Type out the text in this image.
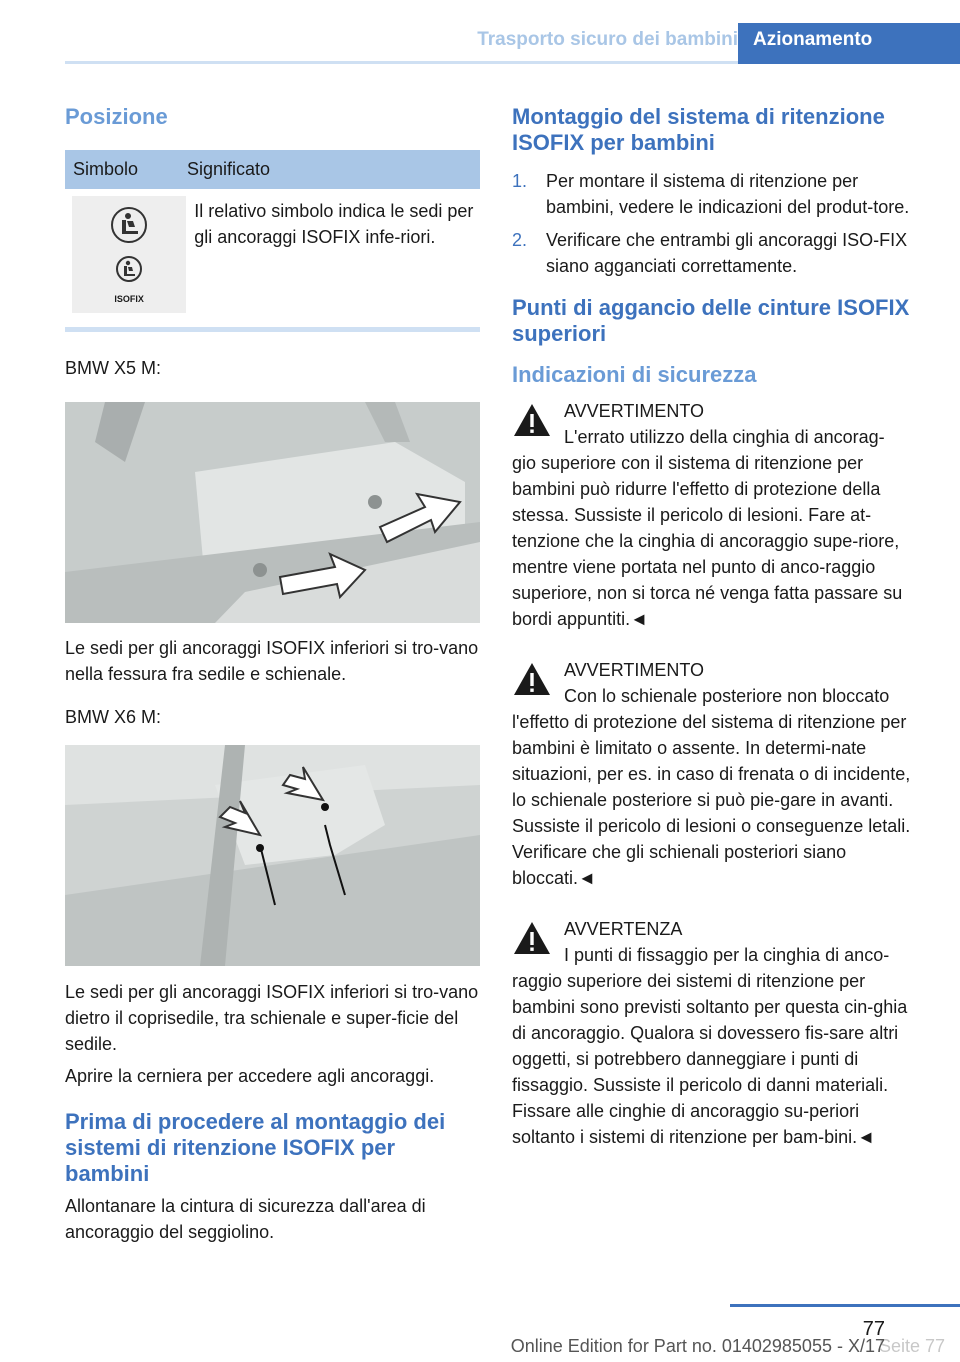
Trasporto sicuro dei bambini Azionamento
Posizione
Simbolo	Significato
ISOFIX
Il relativo simbolo indica le sedi per gli ancoraggi ISOFIX infe-riori.

BMW X5 M:

Le sedi per gli ancoraggi ISOFIX inferiori si tro-vano nella fessura fra sedile e schienale.

BMW X6 M:

Le sedi per gli ancoraggi ISOFIX inferiori si tro-vano dietro il coprisedile, tra schienale e super-ficie del sedile.

Aprire la cerniera per accedere agli ancoraggi.

Prima di procedere al montaggio dei sistemi di ritenzione ISOFIX per bambini

Allontanare la cintura di sicurezza dall'area di ancoraggio del seggiolino.

Montaggio del sistema di ritenzione ISOFIX per bambini
1. Per montare il sistema di ritenzione per bambini, vedere le indicazioni del produt-tore.
2. Verificare che entrambi gli ancoraggi ISO-FIX siano agganciati correttamente.
Punti di aggancio delle cinture ISOFIX superiori
Indicazioni di sicurezza
AVVERTIMENTO
L'errato utilizzo della cinghia di ancorag-
gio superiore con il sistema di ritenzione per bambini può ridurre l'effetto di protezione della stessa. Sussiste il pericolo di lesioni. Fare at-tenzione che la cinghia di ancoraggio supe-riore, mentre viene portata nel punto di anco-raggio superiore, non si torca né venga fatta passare su bordi appuntiti.◄
AVVERTIMENTO
Con lo schienale posteriore non bloccato
l'effetto di protezione del sistema di ritenzione per bambini è limitato o assente. In determi-nate situazioni, per es. in caso di frenata o di incidente, lo schienale posteriore si può pie-gare in avanti. Sussiste il pericolo di lesioni o conseguenze letali. Verificare che gli schienali posteriori siano bloccati.◄
AVVERTENZA
I punti di fissaggio per la cinghia di anco-
raggio superiore dei sistemi di ritenzione per bambini sono previsti soltanto per questa cin-ghia di ancoraggio. Qualora si dovessero fis-sare altri oggetti, si potrebbero danneggiare i punti di fissaggio. Sussiste il pericolo di danni materiali. Fissare alle cinghie di ancoraggio su-periori soltanto i sistemi di ritenzione per bam-bini.◄
77
Seite 77
Online Edition for Part no. 01402985055 - X/17
